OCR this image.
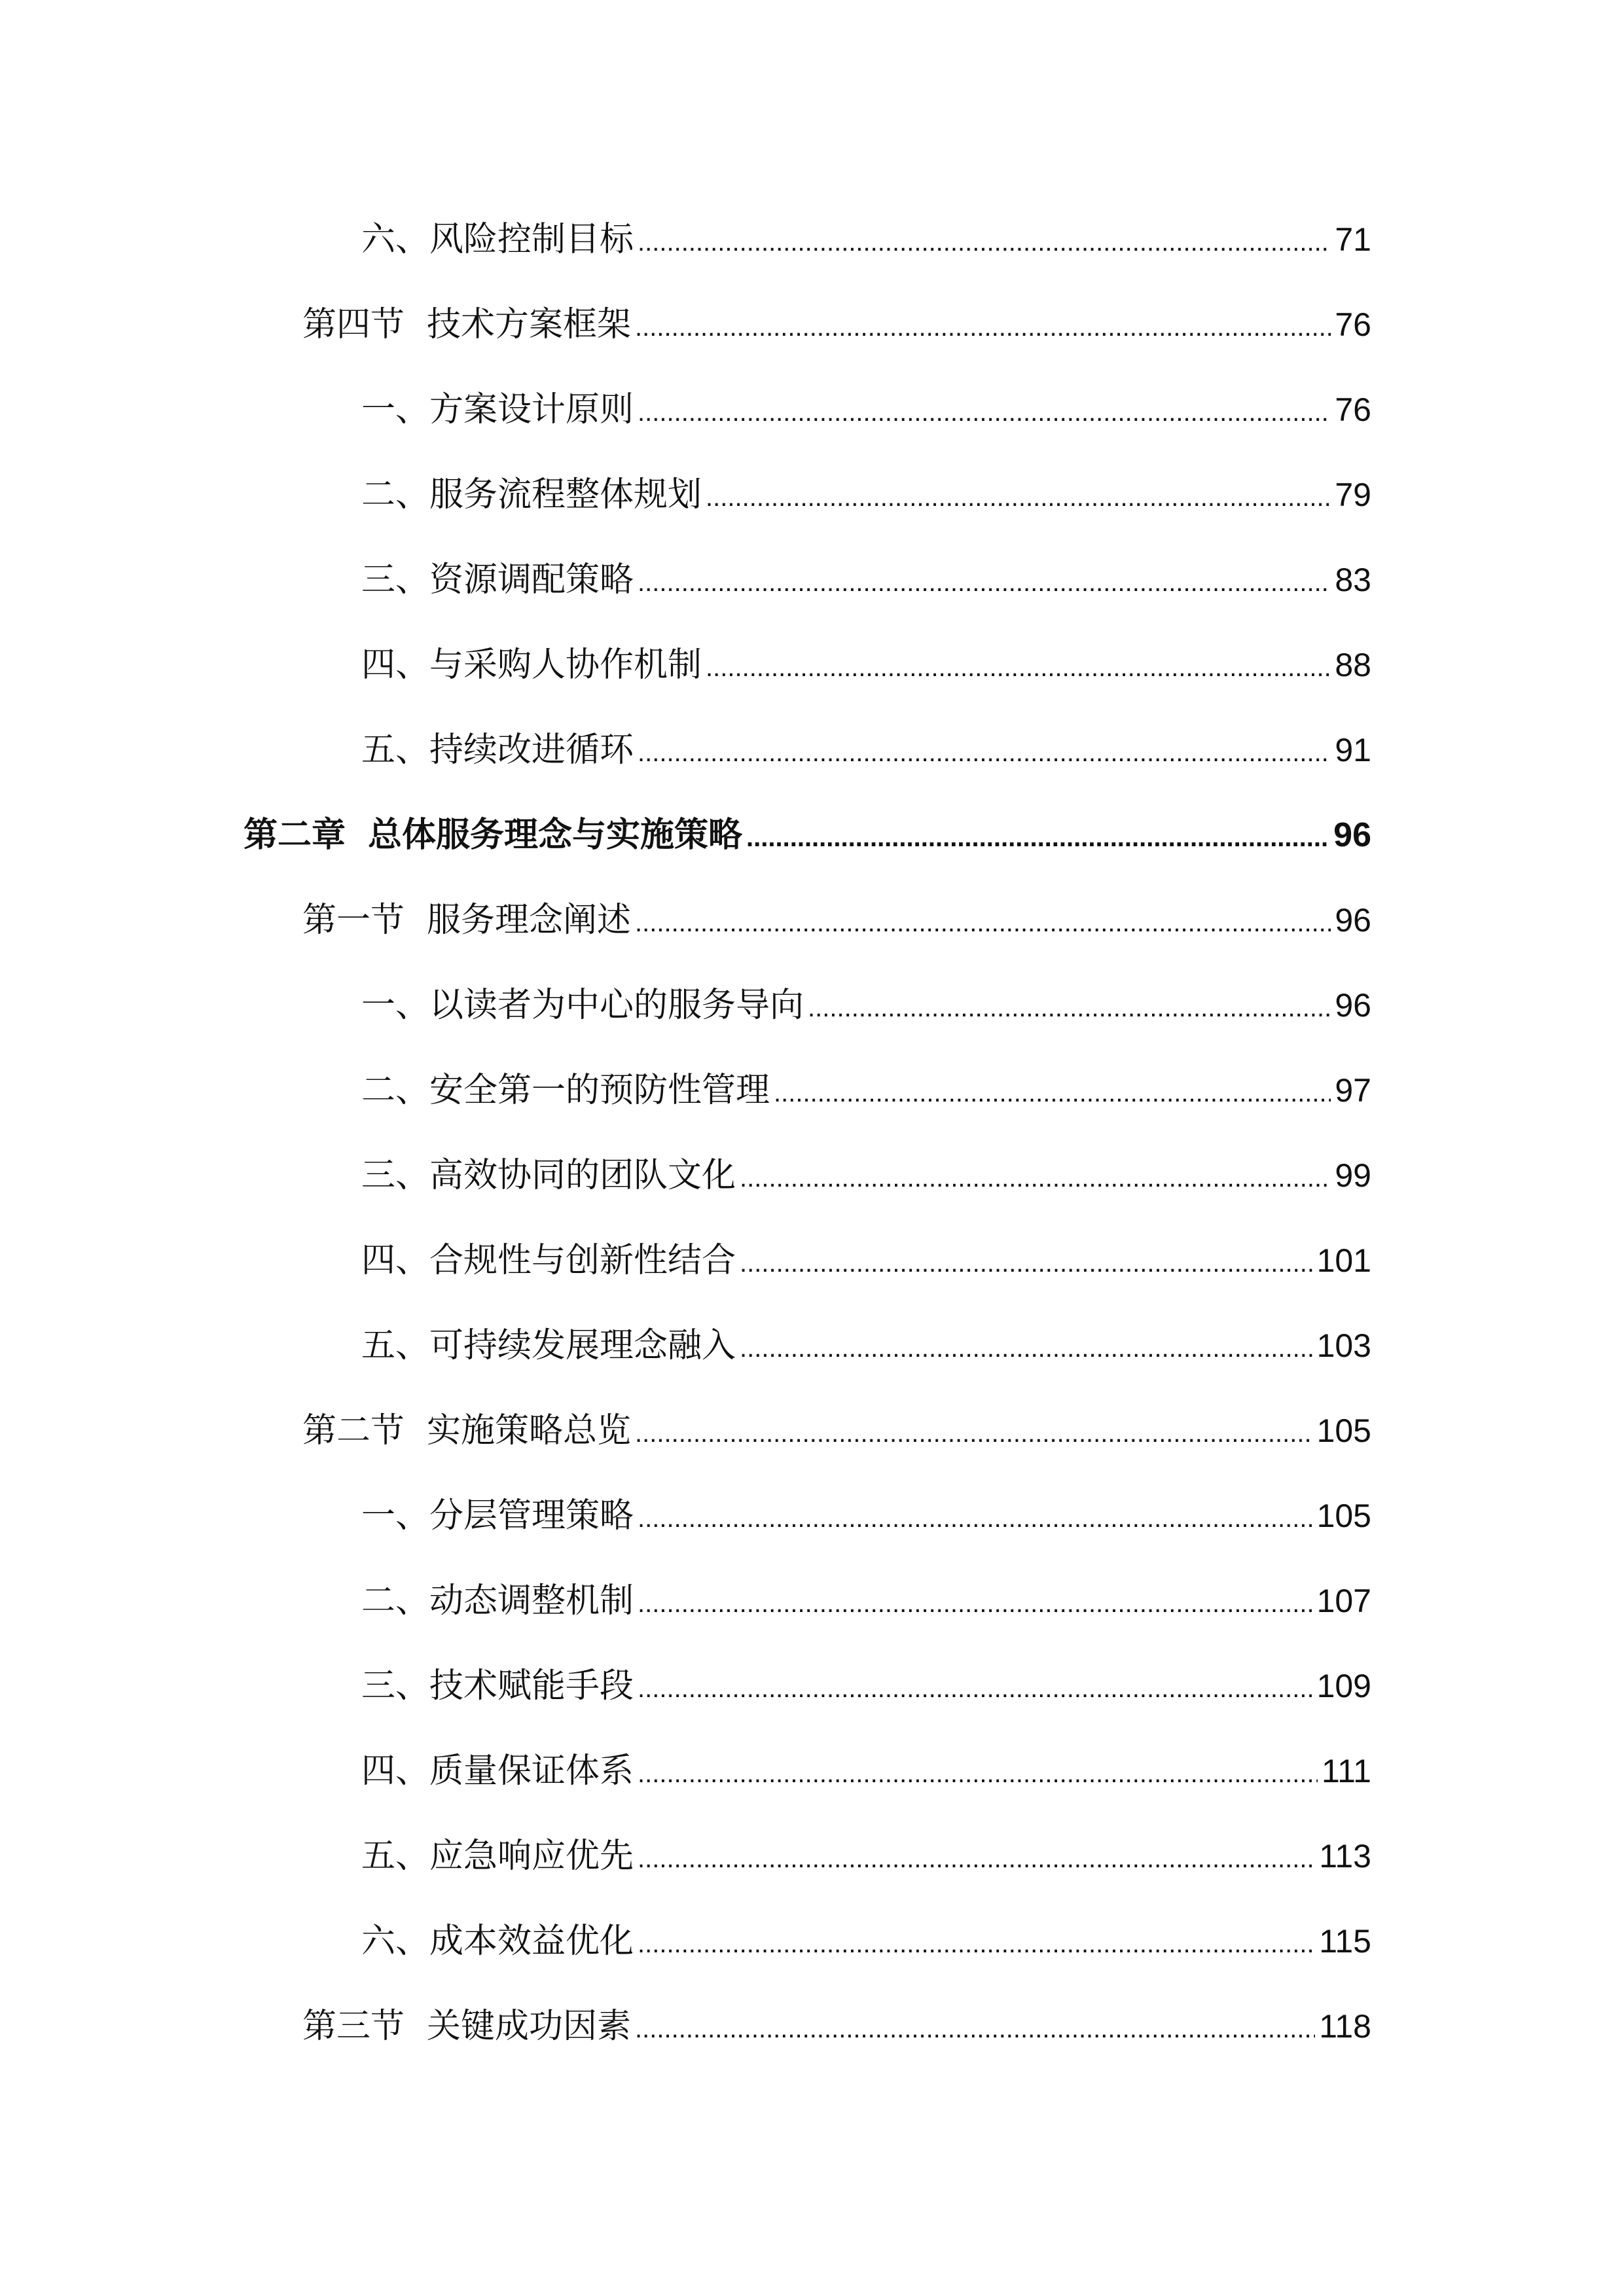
六、风险控制目标 .....	71
第四节 技术方案框架 .....	76
一、方案设计原则 .....	76
二、服务流程整体规划 .....	79
三、资源调配策略 .....	83
四、与采购人协作机制 .....	88
五、持续改进循环 .....	91
第二章 总体服务理念与实施策略 .....	96
第一节 服务理念阐述 .....	96
一、以读者为中心的服务导向 .....	96
二、安全第一的预防性管理 .....	97
三、高效协同的团队文化 .....	99
四、合规性与创新性结合 .....	101
五、可持续发展理念融入 .....	103
第二节 实施策略总览 .....	105
一、分层管理策略 .....	105
二、动态调整机制 .....	107
三、技术赋能手段 .....	109
四、质量保证体系 .....	111
五、应急响应优先 .....	113
六、成本效益优化 .....	115
第三节 关键成功因素 .....	118
